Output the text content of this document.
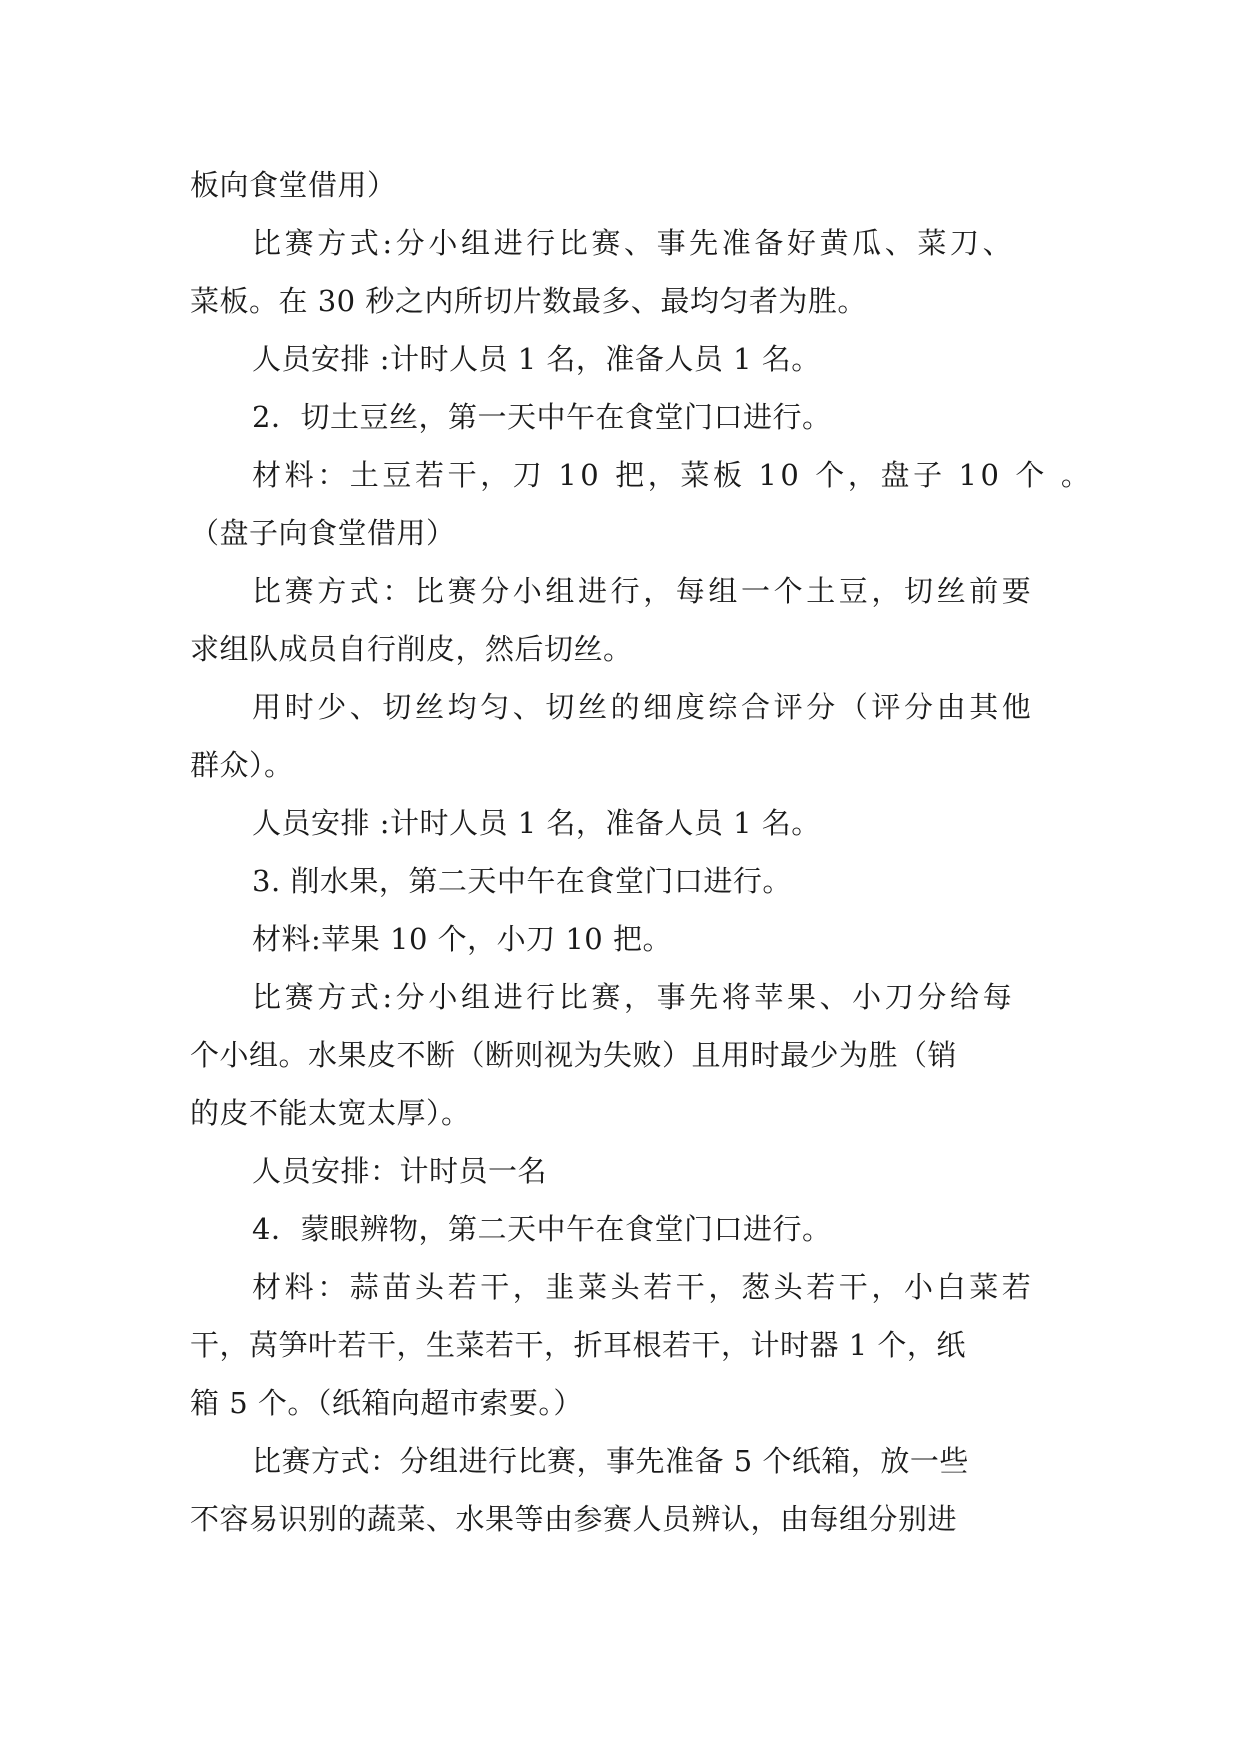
板向食堂借用）
比赛方式:分小组进行比赛、事先准备好黄瓜、菜刀、
菜板。在 30 秒之内所切片数最多、最均匀者为胜。
人员安排 :计时人员 1 名，准备人员 1 名。
2．切土豆丝，第一天中午在食堂门口进行。
材料：土豆若干，刀 10 把，菜板 10 个，盘子 10 个 。
（盘子向食堂借用）
比赛方式：比赛分小组进行，每组一个土豆，切丝前要
求组队成员自行削皮，然后切丝。
用时少、切丝均匀、切丝的细度综合评分（评分由其他
群众）。
人员安排 :计时人员 1 名，准备人员 1 名。
3. 削水果，第二天中午在食堂门口进行。
材料:苹果 10 个，小刀 10 把。
比赛方式:分小组进行比赛，事先将苹果、小刀分给每
个小组。水果皮不断（断则视为失败）且用时最少为胜（销
的皮不能太宽太厚）。
人员安排：计时员一名
4．蒙眼辨物，第二天中午在食堂门口进行。
材料：蒜苗头若干，韭菜头若干，葱头若干，小白菜若
干，莴笋叶若干，生菜若干，折耳根若干，计时器 1 个，纸
箱 5 个。（纸箱向超市索要。）
比赛方式：分组进行比赛，事先准备 5 个纸箱，放一些
不容易识别的蔬菜、水果等由参赛人员辨认，由每组分别进
